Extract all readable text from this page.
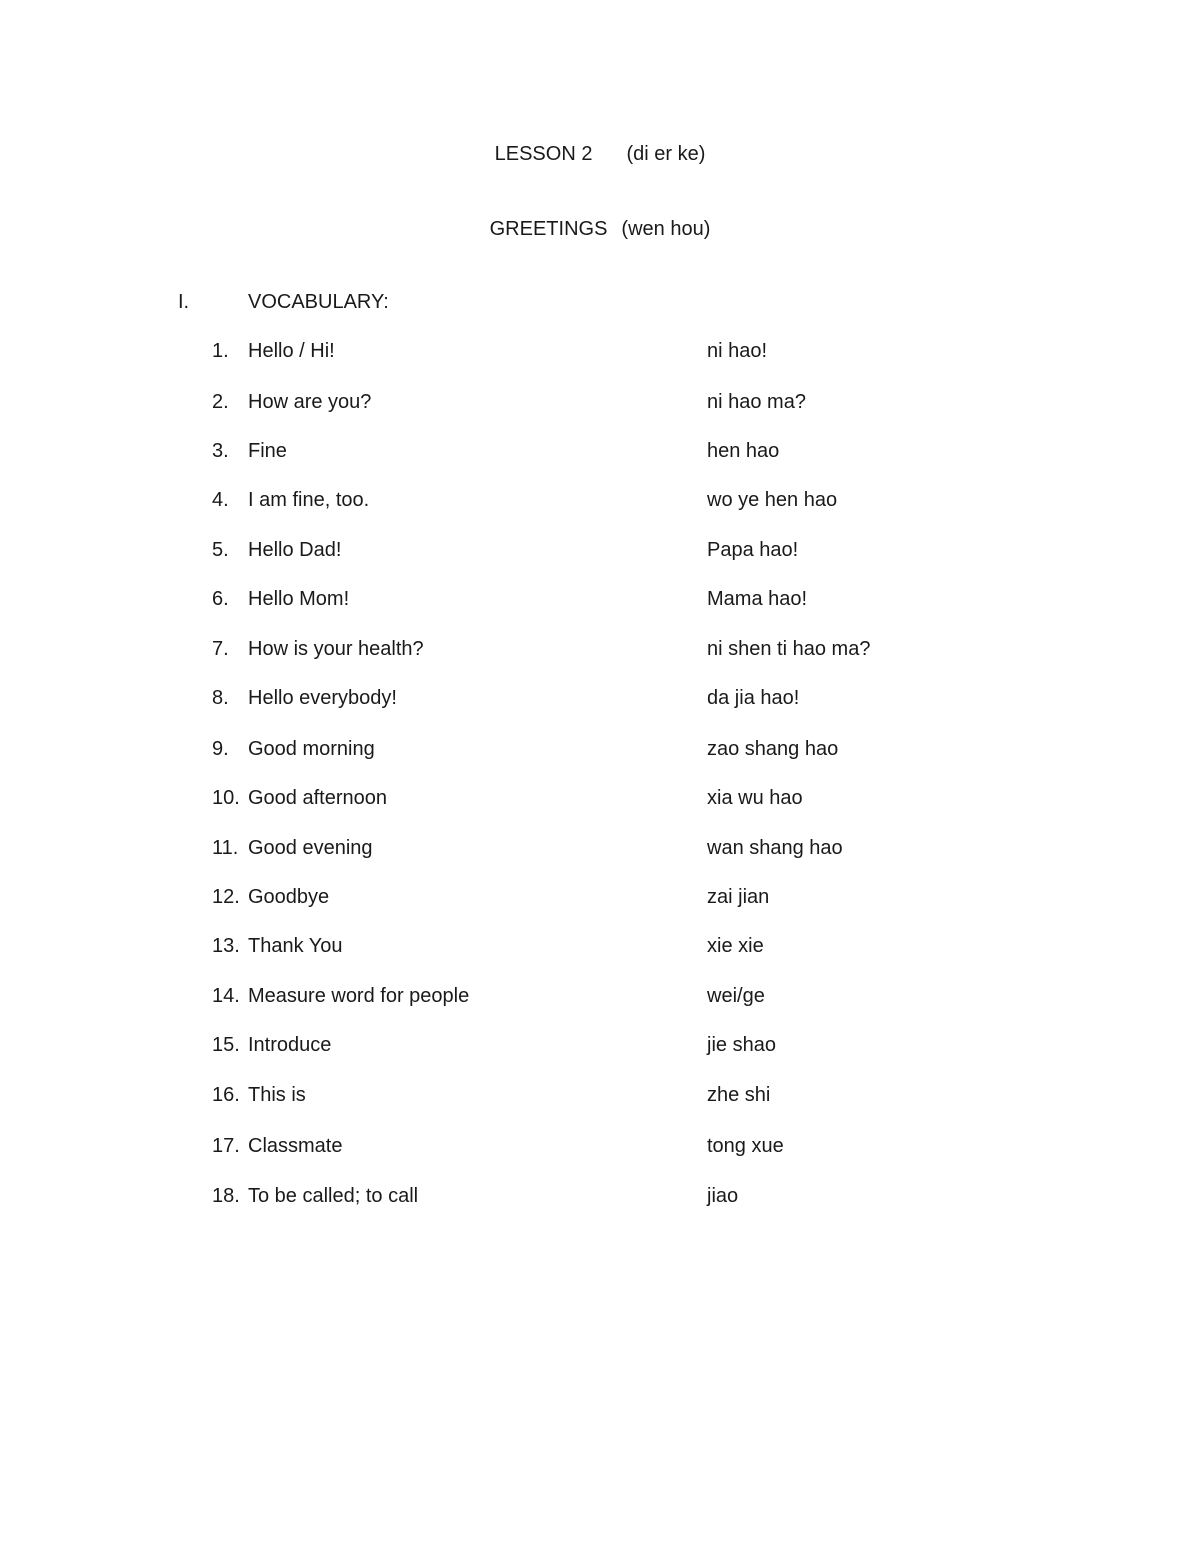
LESSON 2 (di er ke)
GREETINGS (wen hou)
I.	VOCABULARY:
1. Hello / Hi!	ni hao!
2. How are you?	ni hao ma?
3. Fine	hen hao
4. I am fine, too.	wo ye hen hao
5. Hello Dad!	Papa hao!
6. Hello Mom!	Mama hao!
7. How is your health?	ni shen ti hao ma?
8. Hello everybody!	da jia hao!
9. Good morning	zao shang hao
10. Good afternoon	xia wu hao
11. Good evening	wan shang hao
12. Goodbye	zai jian
13. Thank You	xie xie
14. Measure word for people	wei/ge
15. Introduce	jie shao
16. This is	zhe shi
17. Classmate	tong xue
18. To be called; to call	jiao
